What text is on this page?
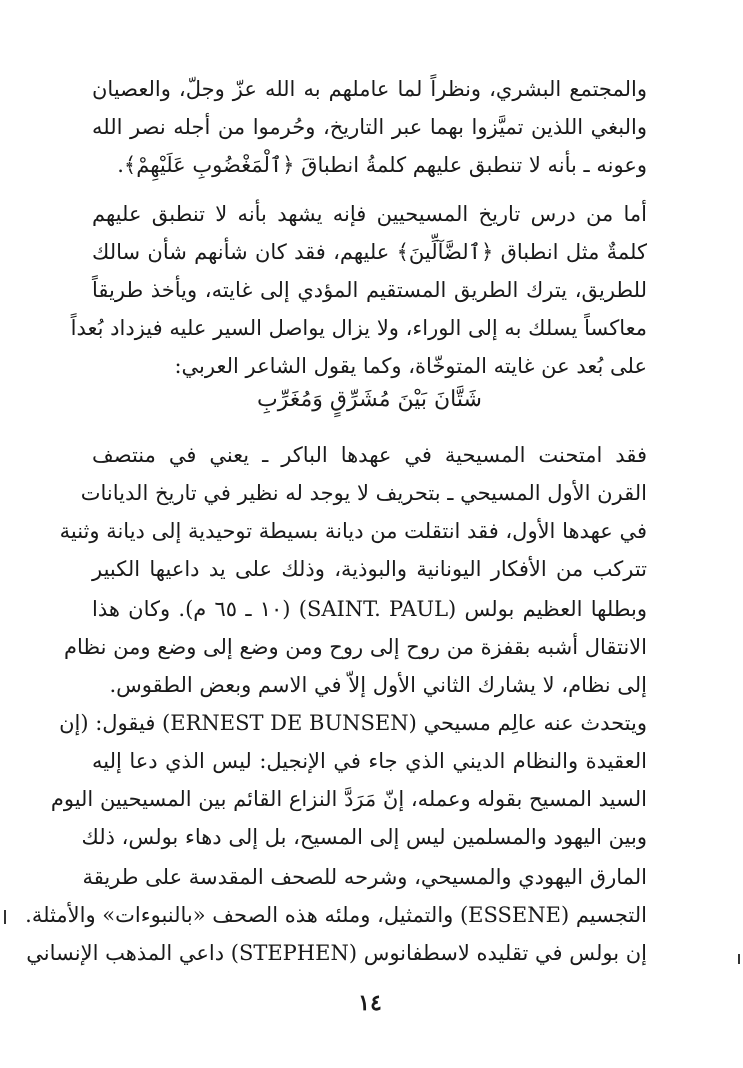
والمجتمع البشري، ونظراً لما عاملهم به الله عزّ وجلّ، والعصيان
والبغي اللذين تميَّزوا بهما عبر التاريخ، وحُرموا من أجله نصر الله
وعونه ـ بأنه لا تنطبق عليهم كلمةُ انطباقَ ﴿ٱلْمَغْضُوبِ عَلَيْهِمْ﴾.
أما من درس تاريخ المسيحيين فإنه يشهد بأنه لا تنطبق عليهم
كلمةٌ مثل انطباق ﴿ٱلضَّآلِّينَ﴾ عليهم، فقد كان شأنهم شأن سالك
للطريق، يترك الطريق المستقيم المؤدي إلى غايته، ويأخذ طريقاً
معاكساً يسلك به إلى الوراء، ولا يزال يواصل السير عليه فيزداد بُعداً
على بُعد عن غايته المتوخّاة، وكما يقول الشاعر العربي:
شَتَّانَ بَيْنَ مُشَرِّقٍ وَمُغَرِّبِ
فقد امتحنت المسيحية في عهدها الباكر ـ يعني في منتصف
القرن الأول المسيحي ـ بتحريف لا يوجد له نظير في تاريخ الديانات
في عهدها الأول، فقد انتقلت من ديانة بسيطة توحيدية إلى ديانة وثنية
تتركب من الأفكار اليونانية والبوذية، وذلك على يد داعيها الكبير
وبطلها العظيم بولس (SAINT. PAUL) (١٠ ـ ٦٥ م). وكان هذا
الانتقال أشبه بقفزة من روح إلى روح ومن وضع إلى وضع ومن نظام
إلى نظام، لا يشارك الثاني الأول إلاّ في الاسم وبعض الطقوس.
ويتحدث عنه عالِم مسيحي (ERNEST DE BUNSEN) فيقول: (إن
العقيدة والنظام الديني الذي جاء في الإنجيل: ليس الذي دعا إليه
السيد المسيح بقوله وعمله، إنّ مَرَدَّ النزاع القائم بين المسيحيين اليوم
وبين اليهود والمسلمين ليس إلى المسيح، بل إلى دهاء بولس، ذلك
المارق اليهودي والمسيحي، وشرحه للصحف المقدسة على طريقة
التجسيم (ESSENE) والتمثيل، وملئه هذه الصحف «بالنبوءات» والأمثلة.
إن بولس في تقليده لاسطفانوس (STEPHEN) داعي المذهب الإنساني
١٤
